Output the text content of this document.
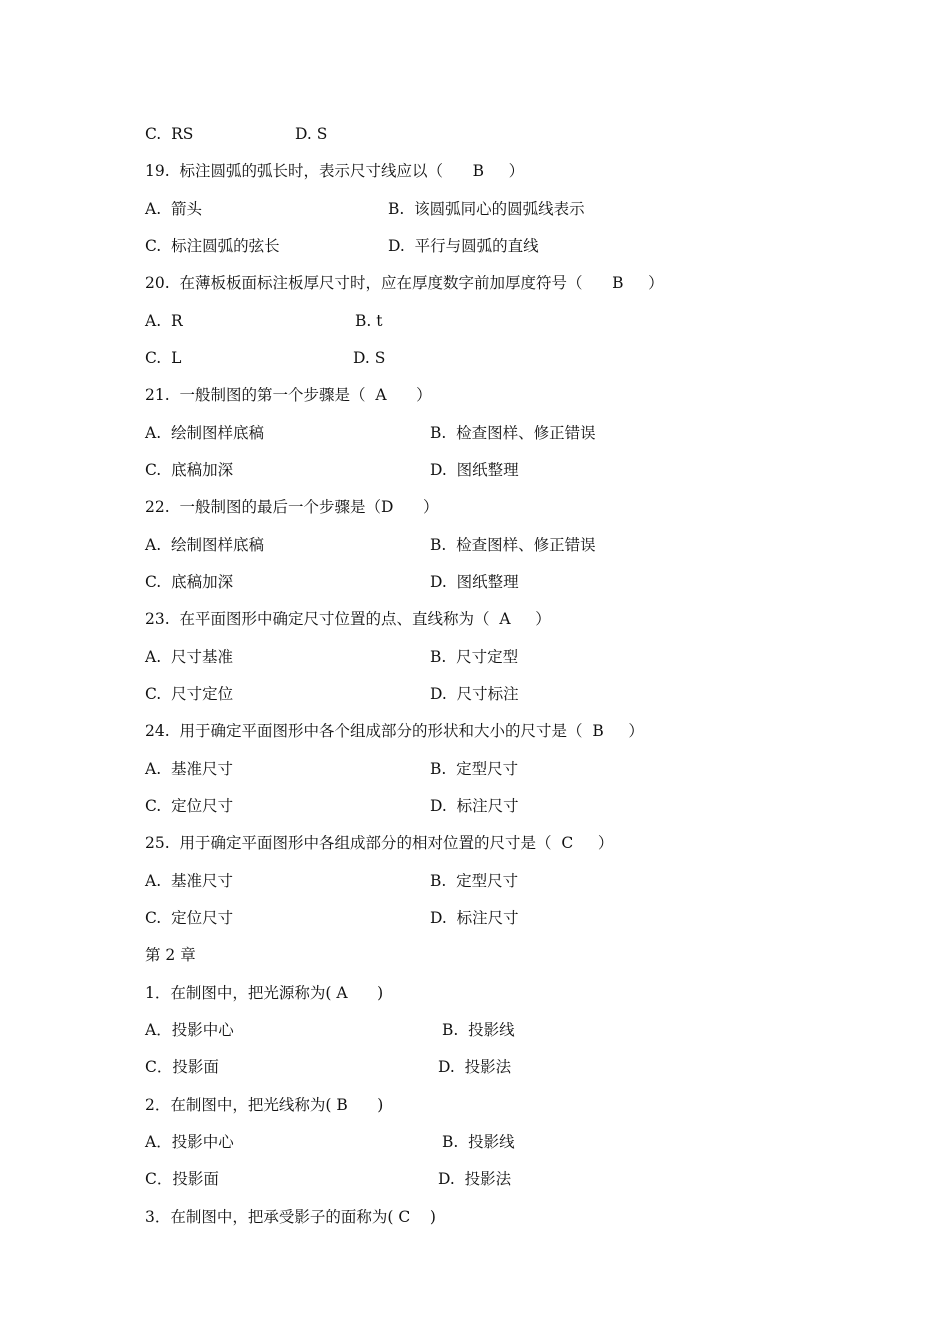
C.  RS

	D. S

19.  标注圆弧的弧长时，表示尺寸线应以（      B     ）

A.  箭头

	B.  该圆弧同心的圆弧线表示

C.  标注圆弧的弦长

	D.  平行与圆弧的直线

20.  在薄板板面标注板厚尺寸时，应在厚度数字前加厚度符号（      B     ）

A.  R

	B. t

C.  L

	D. S

21.  一般制图的第一个步骤是（  A      ）

A.  绘制图样底稿

	B.  检查图样、修正错误

C.  底稿加深

	D.  图纸整理

22.  一般制图的最后一个步骤是（D      ）

A.  绘制图样底稿

	B.  检查图样、修正错误

C.  底稿加深

	D.  图纸整理

23.  在平面图形中确定尺寸位置的点、直线称为（  A     ）

A.  尺寸基准

	B.  尺寸定型

C.  尺寸定位

	D.  尺寸标注

24.  用于确定平面图形中各个组成部分的形状和大小的尺寸是（  B     ）

A.  基准尺寸

	B.  定型尺寸

C.  定位尺寸

	D.  标注尺寸

25.  用于确定平面图形中各组成部分的相对位置的尺寸是（  C     ）

A.  基准尺寸

	B.  定型尺寸

C.  定位尺寸

	D.  标注尺寸

第 2 章
1．在制图中，把光源称为( A      )

A．投影中心

	B.  投影线

C．投影面

	D.  投影法

2．在制图中，把光线称为( B      )

A．投影中心

	B.  投影线

C．投影面

	D.  投影法

3．在制图中，把承受影子的面称为( C    )
